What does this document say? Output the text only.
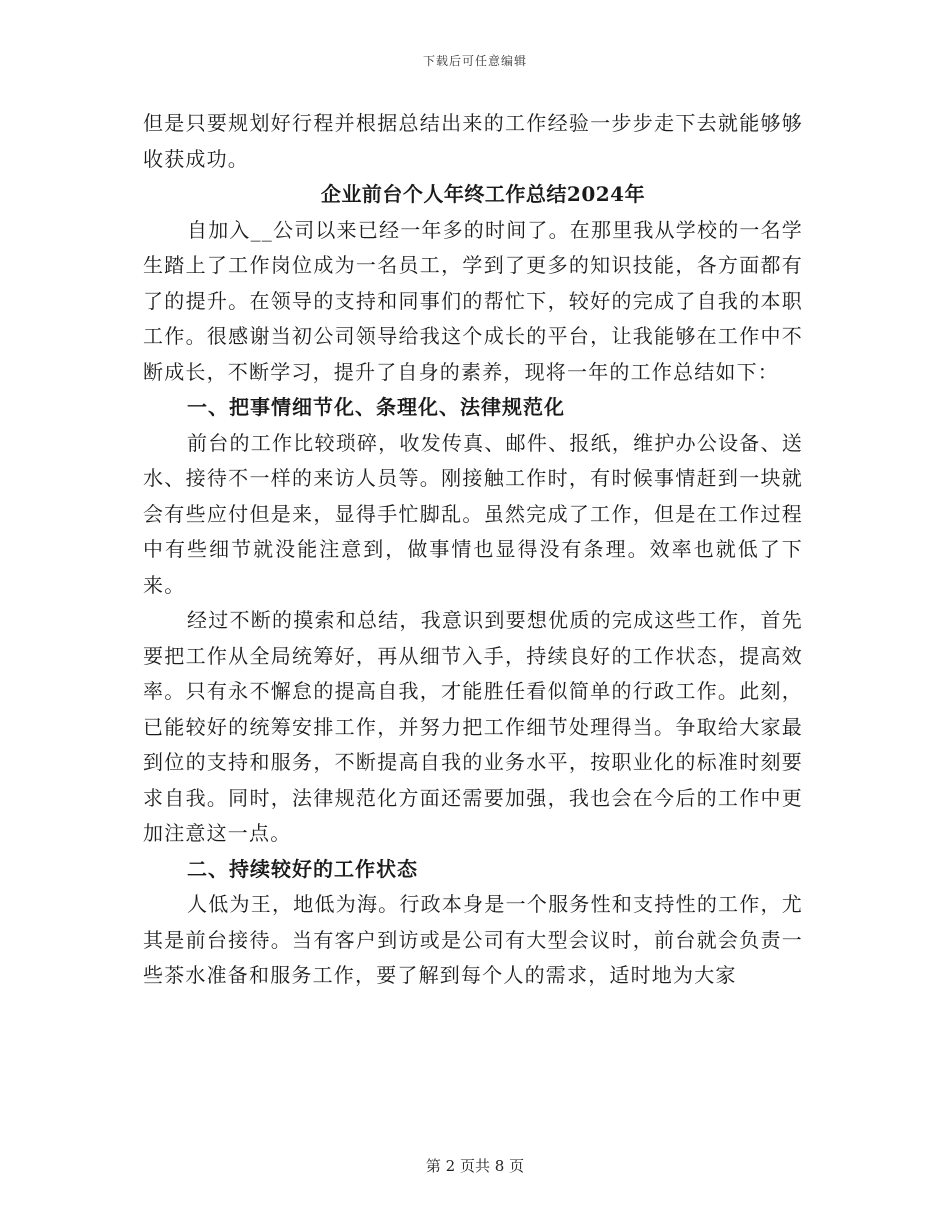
下载后可任意编辑

但是只要规划好行程并根据总结出来的工作经验一步步走下去就能够够收获成功。

企业前台个人年终工作总结2024年

自加入__公司以来已经一年多的时间了。在那里我从学校的一名学生踏上了工作岗位成为一名员工，学到了更多的知识技能，各方面都有了的提升。在领导的支持和同事们的帮忙下，较好的完成了自我的本职工作。很感谢当初公司领导给我这个成长的平台，让我能够在工作中不断成长，不断学习，提升了自身的素养，现将一年的工作总结如下：

一、把事情细节化、条理化、法律规范化

前台的工作比较琐碎，收发传真、邮件、报纸，维护办公设备、送水、接待不一样的来访人员等。刚接触工作时，有时候事情赶到一块就会有些应付但是来，显得手忙脚乱。虽然完成了工作，但是在工作过程中有些细节就没能注意到，做事情也显得没有条理。效率也就低了下来。

经过不断的摸索和总结，我意识到要想优质的完成这些工作，首先要把工作从全局统筹好，再从细节入手，持续良好的工作状态，提高效率。只有永不懈怠的提高自我，才能胜任看似简单的行政工作。此刻，已能较好的统筹安排工作，并努力把工作细节处理得当。争取给大家最到位的支持和服务，不断提高自我的业务水平，按职业化的标准时刻要求自我。同时，法律规范化方面还需要加强，我也会在今后的工作中更加注意这一点。

二、持续较好的工作状态

人低为王，地低为海。行政本身是一个服务性和支持性的工作，尤其是前台接待。当有客户到访或是公司有大型会议时，前台就会负责一些茶水准备和服务工作，要了解到每个人的需求，适时地为大家

第 2 页共 8 页
